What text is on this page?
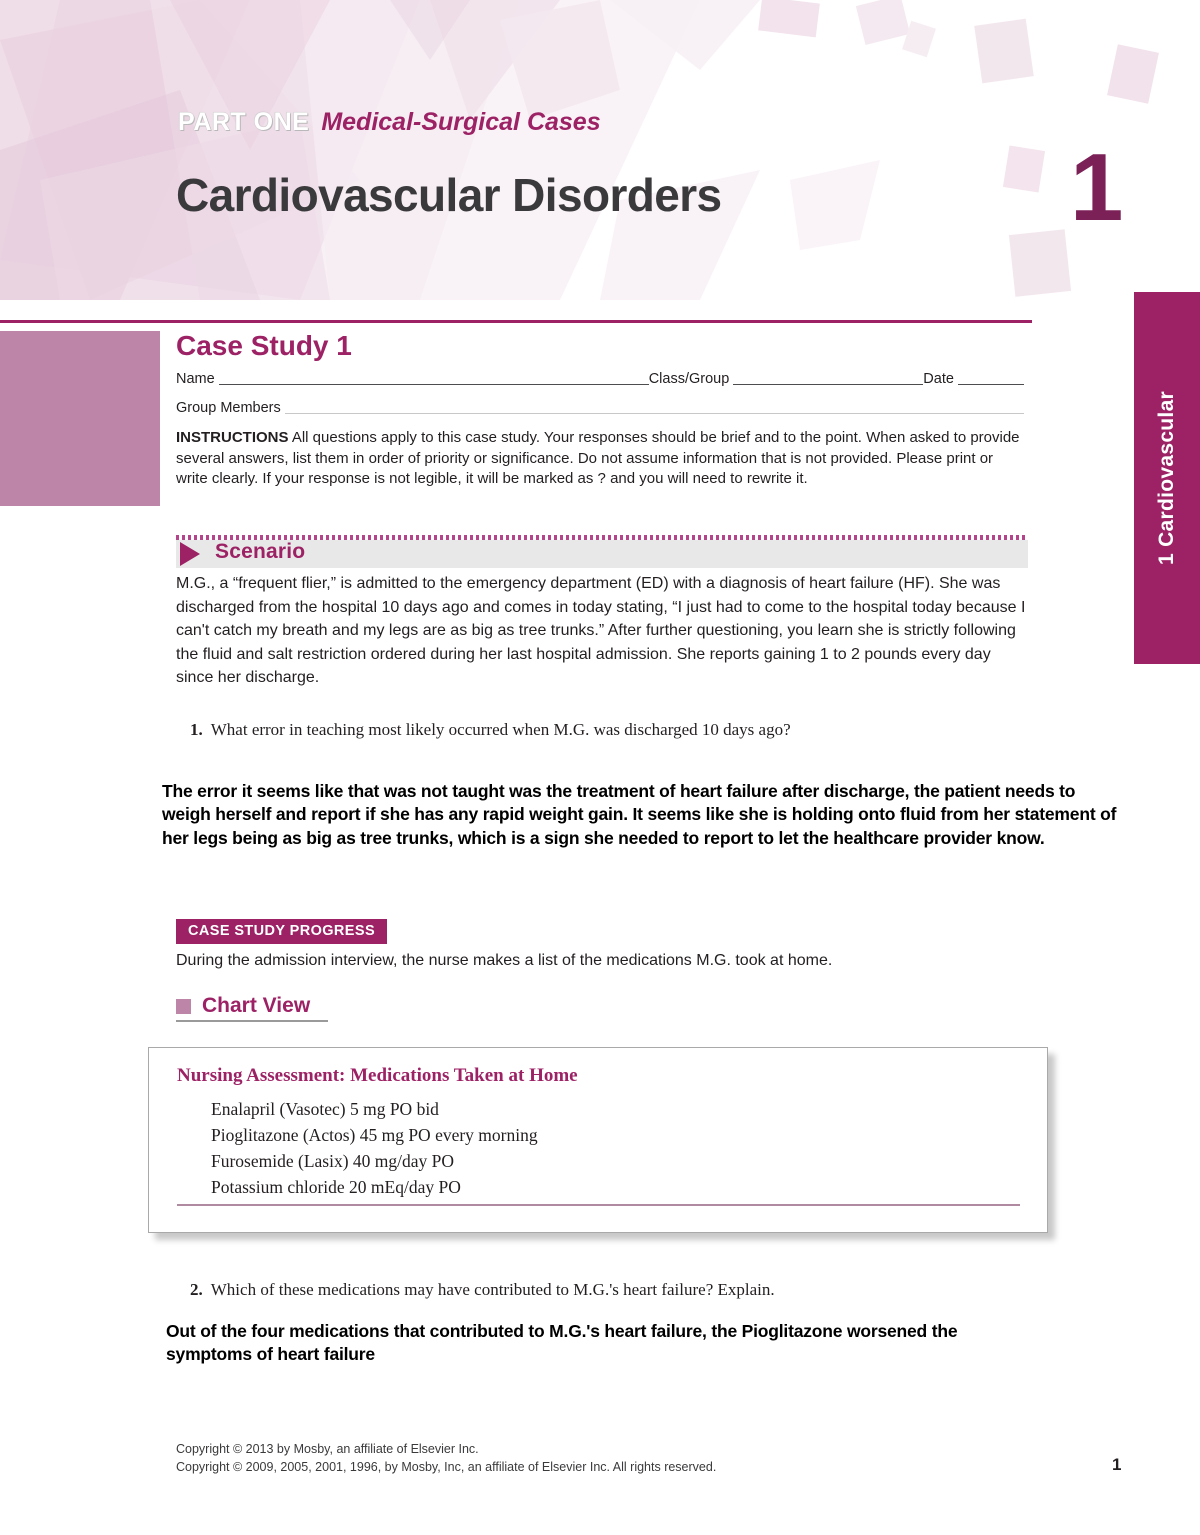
PART ONE Medical-Surgical Cases
Cardiovascular Disorders	1
1 Cardiovascular
Case Study 1
Name	Class/Group	Date
Group Members
INSTRUCTIONS All questions apply to this case study. Your responses should be brief and to the point. When asked to provide several answers, list them in order of priority or significance. Do not assume information that is not provided. Please print or write clearly. If your response is not legible, it will be marked as ? and you will need to rewrite it.
Scenario
M.G., a “frequent flier,” is admitted to the emergency department (ED) with a diagnosis of heart failure (HF). She was discharged from the hospital 10 days ago and comes in today stating, “I just had to come to the hospital today because I can't catch my breath and my legs are as big as tree trunks.” After further questioning, you learn she is strictly following the fluid and salt restriction ordered during her last hospital admission. She reports gaining 1 to 2 pounds every day since her discharge.
1. What error in teaching most likely occurred when M.G. was discharged 10 days ago?
The error it seems like that was not taught was the treatment of heart failure after discharge, the patient needs to weigh herself and report if she has any rapid weight gain. It seems like she is holding onto fluid from her statement of her legs being as big as tree trunks, which is a sign she needed to report to let the healthcare provider know.
CASE STUDY PROGRESS
During the admission interview, the nurse makes a list of the medications M.G. took at home.
Chart View
Nursing Assessment: Medications Taken at Home
Enalapril (Vasotec) 5 mg PO bid
Pioglitazone (Actos) 45 mg PO every morning
Furosemide (Lasix) 40 mg/day PO
Potassium chloride 20 mEq/day PO
2. Which of these medications may have contributed to M.G.'s heart failure? Explain.
Out of the four medications that contributed to M.G.'s heart failure, the Pioglitazone worsened the
symptoms of heart failure
Copyright © 2013 by Mosby, an affiliate of Elsevier Inc.
Copyright © 2009, 2005, 2001, 1996, by Mosby, Inc, an affiliate of Elsevier Inc. All rights reserved.	1
